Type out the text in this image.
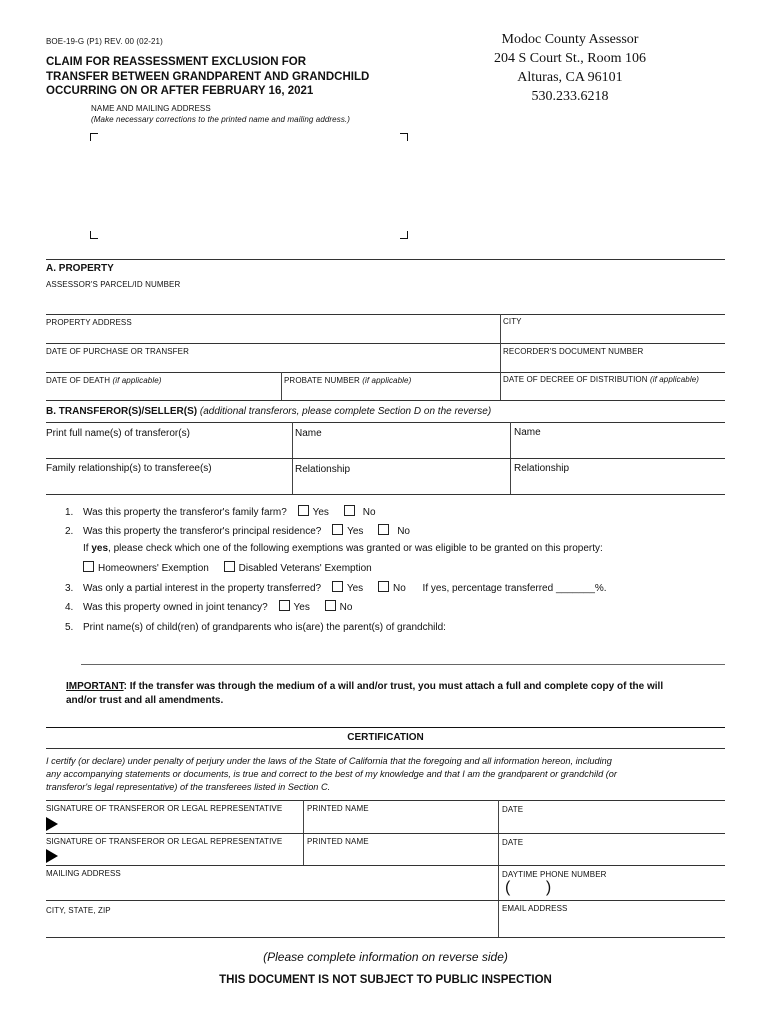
BOE-19-G (P1) REV. 00 (02-21)
CLAIM FOR REASSESSMENT EXCLUSION FOR
TRANSFER BETWEEN GRANDPARENT AND GRANDCHILD
OCCURRING ON OR AFTER FEBRUARY 16, 2021
NAME AND MAILING ADDRESS
(Make necessary corrections to the printed name and mailing address.)
Modoc County Assessor
204 S Court St., Room 106
Alturas, CA 96101
530.233.6218
A. PROPERTY
ASSESSOR'S PARCEL/ID NUMBER
PROPERTY ADDRESS	CITY
DATE OF PURCHASE OR TRANSFER	RECORDER'S DOCUMENT NUMBER
DATE OF DEATH (if applicable)	PROBATE NUMBER (if applicable)	DATE OF DECREE OF DISTRIBUTION (if applicable)
B. TRANSFEROR(S)/SELLER(S) (additional transferors, please complete Section D on the reverse)
Print full name(s) of transferor(s)	Name	Name
Family relationship(s) to transferee(s)	Relationship	Relationship
1. Was this property the transferor's family farm?	Yes	No
2. Was this property the transferor's principal residence?	Yes	No
If yes, please check which one of the following exemptions was granted or was eligible to be granted on this property:
Homeowners' Exemption	Disabled Veterans' Exemption
3. Was only a partial interest in the property transferred?	Yes	No If yes, percentage transferred _______%.
4. Was this property owned in joint tenancy?	Yes	No
5. Print name(s) of child(ren) of grandparents who is(are) the parent(s) of grandchild:
IMPORTANT: If the transfer was through the medium of a will and/or trust, you must attach a full and complete copy of the will
and/or trust and all amendments.
CERTIFICATION
I certify (or declare) under penalty of perjury under the laws of the State of California that the foregoing and all information hereon, including
any accompanying statements or documents, is true and correct to the best of my knowledge and that I am the grandparent or grandchild (or
transferor's legal representative) of the transferees listed in Section C.
SIGNATURE OF TRANSFEROR OR LEGAL REPRESENTATIVE	PRINTED NAME	DATE
SIGNATURE OF TRANSFEROR OR LEGAL REPRESENTATIVE	PRINTED NAME	DATE
MAILING ADDRESS	DAYTIME PHONE NUMBER
(        )
CITY, STATE, ZIP	EMAIL ADDRESS
(Please complete information on reverse side)
THIS DOCUMENT IS NOT SUBJECT TO PUBLIC INSPECTION
